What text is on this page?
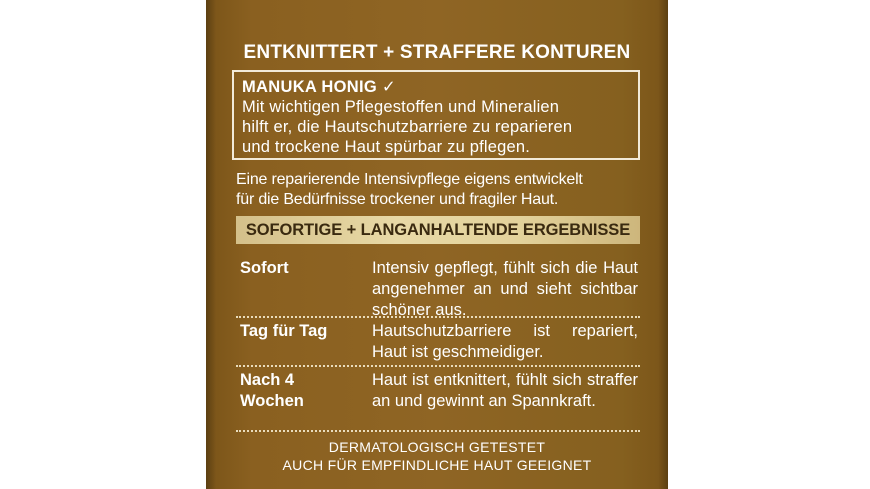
ENTKNITTERT + STRAFFERE KONTUREN
MANUKA HONIG ✓
Mit wichtigen Pflegestoffen und Mineralien
hilft er, die Hautschutzbarriere zu reparieren
und trockene Haut spürbar zu pflegen.
Eine reparierende Intensivpflege eigens entwickelt
für die Bedürfnisse trockener und fragiler Haut.
SOFORTIGE + LANGANHALTENDE ERGEBNISSE
Sofort	Intensiv gepflegt, fühlt sich die Haut angenehmer an und sieht sichtbar schöner aus.
Tag für Tag	Hautschutzbarriere ist repariert, Haut ist geschmeidiger.
Nach 4 Wochen
Haut ist entknittert, fühlt sich straffer an und gewinnt an Spannkraft.
DERMATOLOGISCH GETESTET
AUCH FÜR EMPFINDLICHE HAUT GEEIGNET
